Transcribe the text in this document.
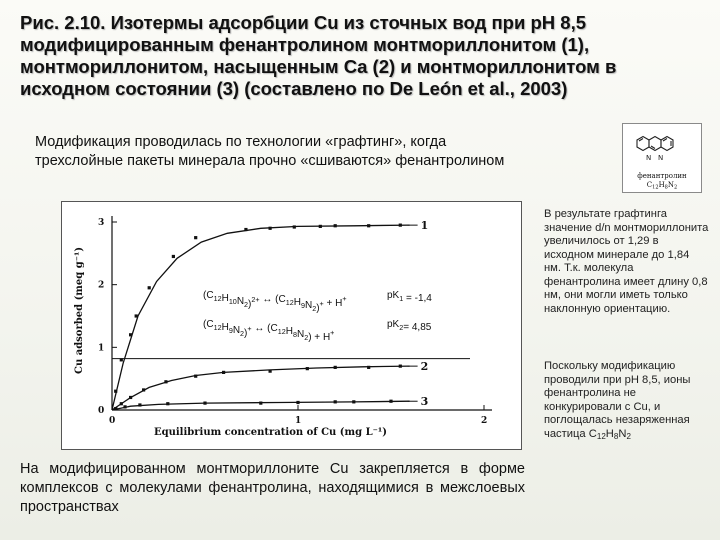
Рис. 2.10. Изотермы адсорбции Cu из сточных вод при pH 8,5 модифицированным фенантролином монтмориллонитом (1), монтмориллонитом, насыщенным Ca (2) и монтмориллонитом в исходном состоянии (3) (составлено по De León et al., 2003)
Модификация проводилась по технологии «графтинг», когда трехслойные пакеты минерала прочно «сшиваются» фенантролином	N N
фенантролин
$C_{12}H_8N_2$
0
1
2
3
0	1	2
Equilibrium concentration of Cu (mg L⁻¹)
Cu adsorbed (meq g⁻¹)
1
2
3
$(C_{12}H_{10}N_2)^{2+}$ ↔ $(C_{12}H_9N_2)^+ + H^+$	$pK_1 = -1,4$
$(C_{12}H_9N_2)^+$ ↔ $(C_{12}H_8N_2) + H^+$
$pK_2= 4,85$
В результате графтинга значение d/n монтмориллонита увеличилось от 1,29 в исходном минерале до 1,84 нм. Т.к. молекула фенантролина имеет длину 0,8 нм, они могли иметь только наклонную ориентацию.
Поскольку модификацию проводили при pH 8,5, ионы фенантролина не конкурировали с Cu, и поглощалась незаряженная частица $C_{12}H_8N_2$
На модифицированном монтмориллоните Cu закрепляется в форме комплексов с молекулами фенантролина, находящимися в межслоевых пространствах
